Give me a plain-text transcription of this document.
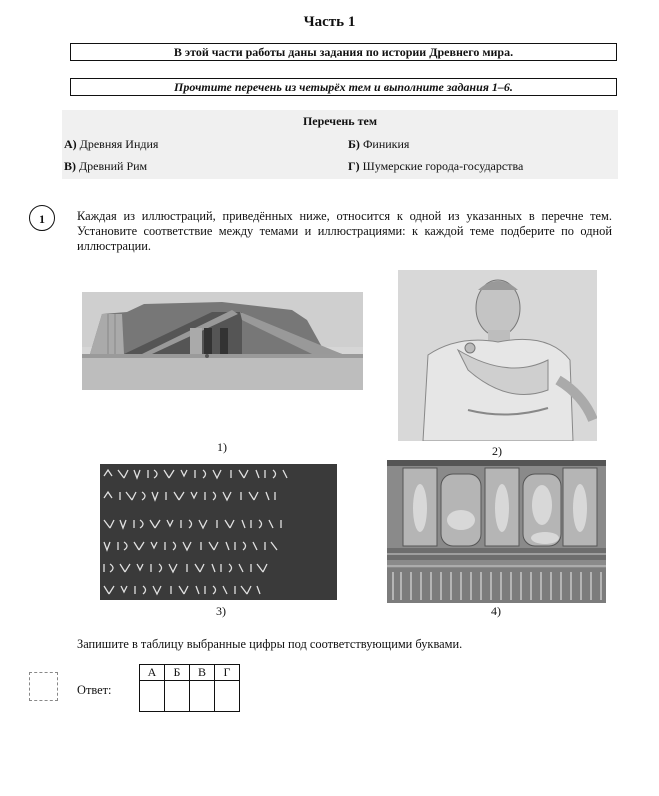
Часть 1
В этой части работы даны задания по истории Древнего мира.
Прочтите перечень из четырёх тем и выполните задания 1–6.
Перечень тем
А) Древняя Индия	Б) Финикия
В) Древний Рим	Г) Шумерские города-государства
1	Каждая из иллюстраций, приведённых ниже, относится к одной из указанных в перечне тем. Установите соответствие между темами и иллюстрациями: к каждой теме подберите по одной иллюстрации.
1)	2)
3)	4)
Запишите в таблицу выбранные цифры под соответствующими буквами.
Ответ:
А	Б	В	Г
